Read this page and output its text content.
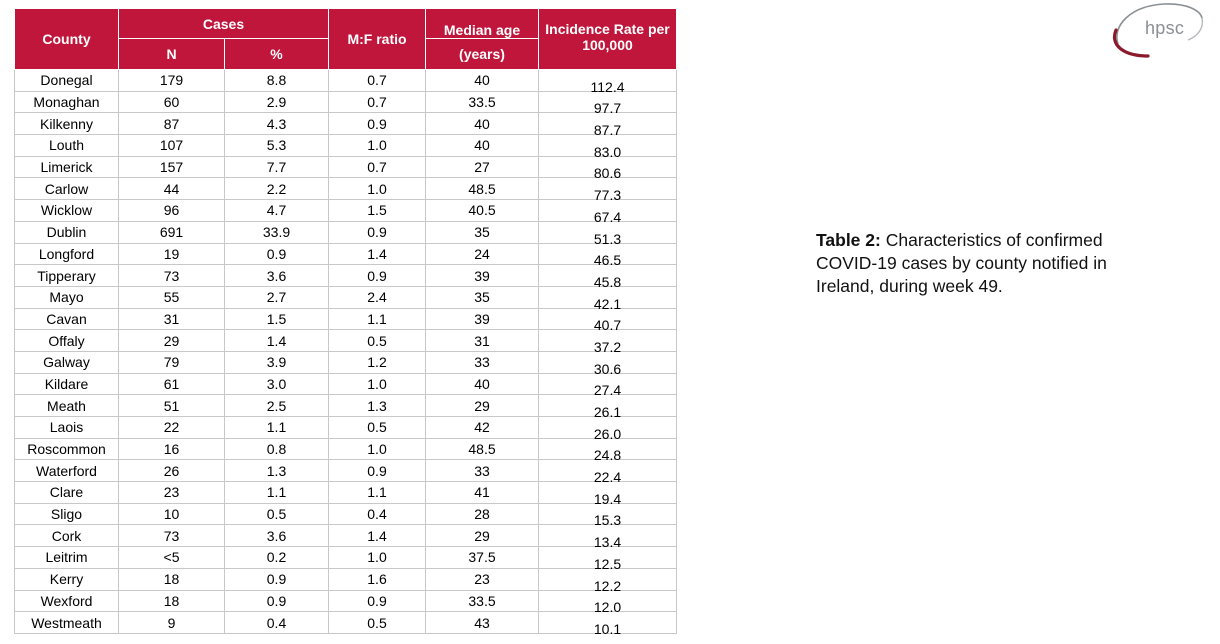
County	Cases		M:F ratio	Median age	Incidence Rate per 100,000
	N	%		(years)	
Donegal	179	8.8	0.7	40	112.4
Monaghan	60	2.9	0.7	33.5	97.7
Kilkenny	87	4.3	0.9	40	87.7
Louth	107	5.3	1.0	40	83.0
Limerick	157	7.7	0.7	27	80.6
Carlow	44	2.2	1.0	48.5	77.3
Wicklow	96	4.7	1.5	40.5	67.4
Dublin	691	33.9	0.9	35	51.3
Longford	19	0.9	1.4	24	46.5
Tipperary	73	3.6	0.9	39	45.8
Mayo	55	2.7	2.4	35	42.1
Cavan	31	1.5	1.1	39	40.7
Offaly	29	1.4	0.5	31	37.2
Galway	79	3.9	1.2	33	30.6
Kildare	61	3.0	1.0	40	27.4
Meath	51	2.5	1.3	29	26.1
Laois	22	1.1	0.5	42	26.0
Roscommon	16	0.8	1.0	48.5	24.8
Waterford	26	1.3	0.9	33	22.4
Clare	23	1.1	1.1	41	19.4
Sligo	10	0.5	0.4	28	15.3
Cork	73	3.6	1.4	29	13.4
Leitrim	<5	0.2	1.0	37.5	12.5
Kerry	18	0.9	1.6	23	12.2
Wexford	18	0.9	0.9	33.5	12.0
Westmeath	9	0.4	0.5	43	10.1
Table 2: Characteristics of confirmed COVID-19 cases by county notified in Ireland, during week 49.
hpsc
